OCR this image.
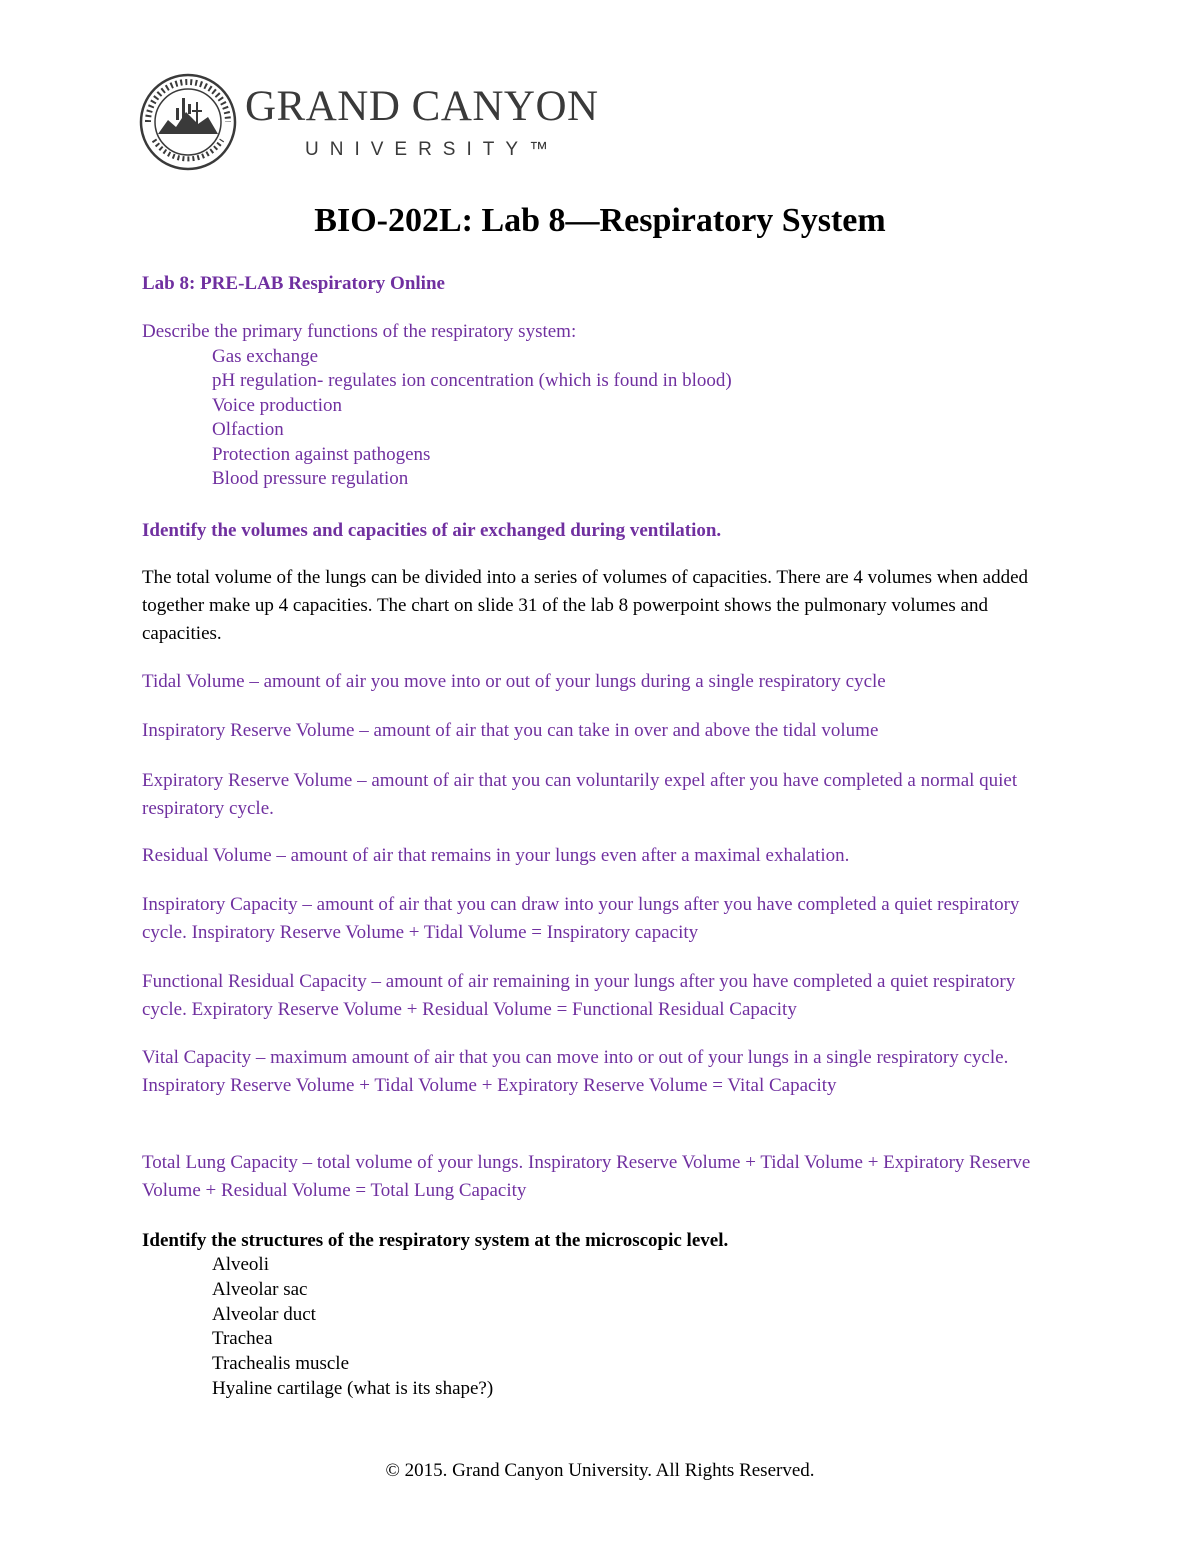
GRAND CANYON
UNIVERSITY™
BIO-202L: Lab 8—Respiratory System
Lab 8: PRE-LAB Respiratory Online
Describe the primary functions of the respiratory system:
Gas exchange
pH regulation- regulates ion concentration (which is found in blood)
Voice production
Olfaction
Protection against pathogens
Blood pressure regulation
Identify the volumes and capacities of air exchanged during ventilation.
The total volume of the lungs can be divided into a series of volumes of capacities. There are 4 volumes when added together make up 4 capacities. The chart on slide 31 of the lab 8 powerpoint shows the pulmonary volumes and capacities.
Tidal Volume – amount of air you move into or out of your lungs during a single respiratory cycle
Inspiratory Reserve Volume – amount of air that you can take in over and above the tidal volume
Expiratory Reserve Volume – amount of air that you can voluntarily expel after you have completed a normal quiet respiratory cycle.
Residual Volume – amount of air that remains in your lungs even after a maximal exhalation.
Inspiratory Capacity – amount of air that you can draw into your lungs after you have completed a quiet respiratory cycle. Inspiratory Reserve Volume + Tidal Volume = Inspiratory capacity
Functional Residual Capacity – amount of air remaining in your lungs after you have completed a quiet respiratory cycle. Expiratory Reserve Volume + Residual Volume = Functional Residual Capacity
Vital Capacity – maximum amount of air that you can move into or out of your lungs in a single respiratory cycle. Inspiratory Reserve Volume + Tidal Volume + Expiratory Reserve Volume = Vital Capacity
Total Lung Capacity – total volume of your lungs. Inspiratory Reserve Volume + Tidal Volume + Expiratory Reserve Volume + Residual Volume = Total Lung Capacity
Identify the structures of the respiratory system at the microscopic level.
Alveoli
Alveolar sac
Alveolar duct
Trachea
Trachealis muscle
Hyaline cartilage (what is its shape?)
© 2015. Grand Canyon University. All Rights Reserved.
